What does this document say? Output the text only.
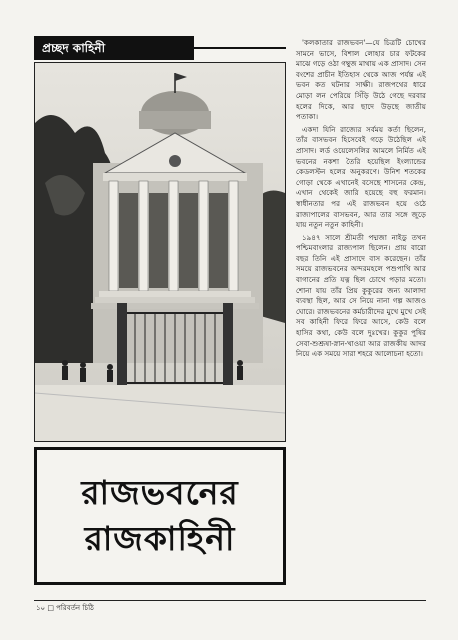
প্রচ্ছদ কাহিনী
রাজভবনের
রাজকাহিনী

'কলকাতার রাজভবন'—যে চিত্রটি চোখের সামনে ভাসে, বিশাল লোহার চার ফটকের মাঝে গড়ে ওঠা গম্বুজ মাথায় এক প্রাসাদ। সেন বংশের প্রাচীন ইতিহাস থেকে আজ পর্যন্ত এই ভবন কত ঘটনার সাক্ষী। রাজপথের ধারে মোড়া লন পেরিয়ে সিঁড়ি উঠে গেছে দরবার হলের দিকে, আর ছাদে উড়ছে জাতীয় পতাকা।

একদা যিনি রাজ্যের সর্বময় কর্তা ছিলেন, তাঁর বাসভবন হিসেবেই গড়ে উঠেছিল এই প্রাসাদ। লর্ড ওয়েলেসলির আমলে নির্মিত এই ভবনের নকশা তৈরি হয়েছিল ইংল্যান্ডের কেডলস্টন হলের অনুকরণে। উনিশ শতকের গোড়া থেকে এখানেই বসেছে শাসনের কেন্দ্র, এখান থেকেই জারি হয়েছে বহু ফরমান। স্বাধীনতার পর এই রাজভবন হয়ে ওঠে রাজ্যপালের বাসভবন, আর তার সঙ্গে জুড়ে যায় নতুন নতুন কাহিনী।

১৯৪৭ সালে শ্রীমতী পদ্মজা নাইডু তখন পশ্চিমবাংলার রাজ্যপাল ছিলেন। প্রায় বারো বছর তিনি এই প্রাসাদে বাস করেছেন। তাঁর সময়ে রাজভবনের অন্দরমহলে পশুপাখি আর বাগানের প্রতি যত্ন ছিল চোখে পড়ার মতো। শোনা যায় তাঁর প্রিয় কুকুরের জন্য আলাদা ব্যবস্থা ছিল, আর সে নিয়ে নানা গল্প আজও ঘোরে। রাজভবনের কর্মচারীদের মুখে মুখে সেই সব কাহিনী ফিরে ফিরে আসে, কেউ বলে হাসির কথা, কেউ বলে দুঃখের। কুকুর পুষির সেবা-শুশ্রূষা-স্নান-খাওয়া আর রাজকীয় আদর নিয়ে এক সময়ে সারা শহরে আলোচনা হতো।

১০ □ পরিবর্তন চিঠি
